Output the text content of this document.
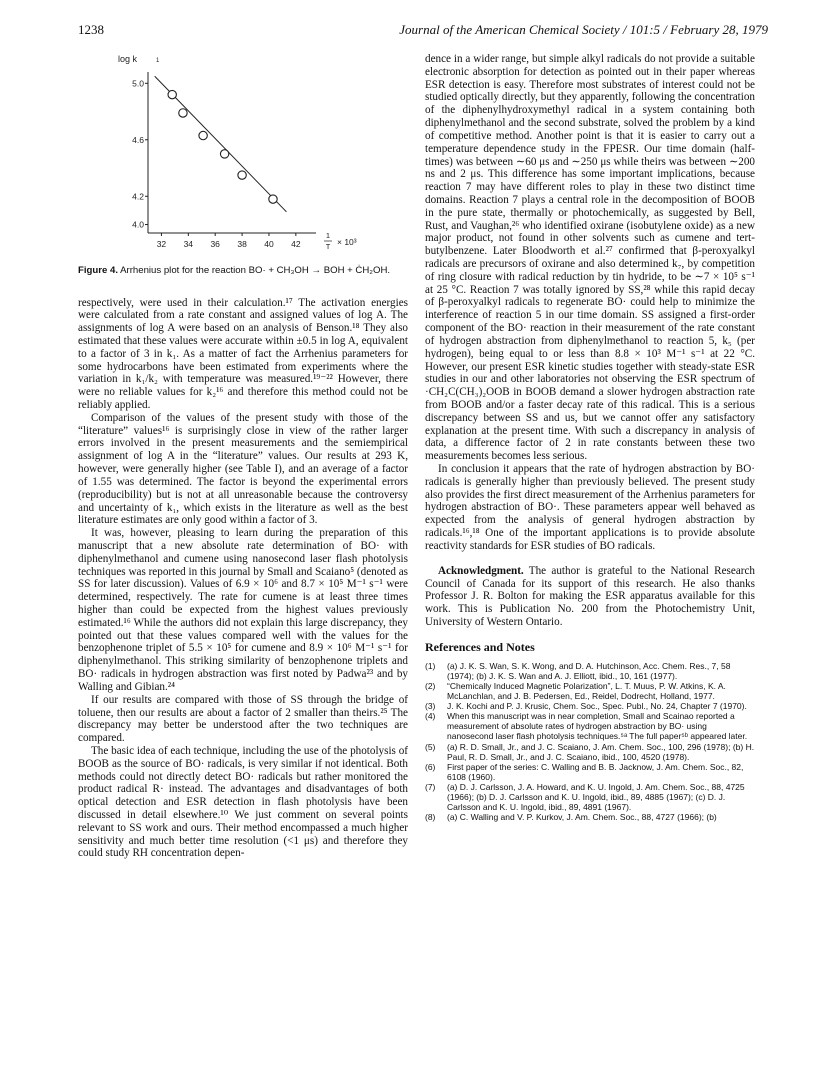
1238	Journal of the American Chemical Society / 101:5 / February 28, 1979
log k	1
5.0
4.6
4.2
4.0
32 34 36 38 40 42
1
T × 10³

Figure 4. Arrhenius plot for the reaction BO· + CH₃OH → BOH + ĊH₂OH.

respectively, were used in their calculation.¹⁷ The activation energies were calculated from a rate constant and assigned values of log A. The assignments of log A were based on an analysis of Benson.¹⁸ They also estimated that these values were accurate within ±0.5 in log A, equivalent to a factor of 3 in k₁. As a matter of fact the Arrhenius parameters for some hydrocarbons have been estimated from experiments where the variation in k₁/k₂ with temperature was measured.¹⁹⁻²² However, there were no reliable values for k₂¹⁶ and therefore this method could not be reliably applied.

Comparison of the values of the present study with those of the “literature” values¹⁶ is surprisingly close in view of the rather larger errors involved in the present measurements and the semiempirical assignment of log A in the “literature” values. Our results at 293 K, however, were generally higher (see Table I), and an average of a factor of 1.55 was determined. The factor is beyond the experimental errors (reproducibility) but is not at all unreasonable because the controversy and uncertainty of k₁, which exists in the literature as well as the best literature estimates are only good within a factor of 3.

It was, however, pleasing to learn during the preparation of this manuscript that a new absolute rate determination of BO· with diphenylmethanol and cumene using nanosecond laser flash photolysis techniques was reported in this journal by Small and Scaiano⁵ (denoted as SS for later discussion). Values of 6.9 × 10⁶ and 8.7 × 10⁵ M⁻¹ s⁻¹ were determined, respectively. The rate for cumene is at least three times higher than could be expected from the highest values previously estimated.¹⁶ While the authors did not explain this large discrepancy, they pointed out that these values compared well with the values for the benzophenone triplet of 5.5 × 10⁵ for cumene and 8.9 × 10⁶ M⁻¹ s⁻¹ for diphenylmethanol. This striking similarity of benzophenone triplets and BO· radicals in hydrogen abstraction was first noted by Padwa²³ and by Walling and Gibian.²⁴

If our results are compared with those of SS through the bridge of toluene, then our results are about a factor of 2 smaller than theirs.²⁵ The discrepancy may better be understood after the two techniques are compared.

The basic idea of each technique, including the use of the photolysis of BOOB as the source of BO· radicals, is very similar if not identical. Both methods could not directly detect BO· radicals but rather monitored the product radical R· instead. The advantages and disadvantages of both optical detection and ESR detection in flash photolysis have been discussed in detail elsewhere.¹⁰ We just comment on several points relevant to SS work and ours. Their method encompassed a much higher sensitivity and much better time resolution (<1 μs) and therefore they could study RH concentration depen-

dence in a wider range, but simple alkyl radicals do not provide a suitable electronic absorption for detection as pointed out in their paper whereas ESR detection is easy. Therefore most substrates of interest could not be studied optically directly, but they apparently, following the concentration of the diphenylhydroxymethyl radical in a system containing both diphenylmethanol and the second substrate, solved the problem by a kind of competitive method. Another point is that it is easier to carry out a temperature dependence study in the FPESR. Our time domain (half-times) was between ∼60 μs and ∼250 μs while theirs was between ∼200 ns and 2 μs. This difference has some important implications, because reaction 7 may have different roles to play in these two distinct time domains. Reaction 7 plays a central role in the decomposition of BOOB in the pure state, thermally or photochemically, as suggested by Bell, Rust, and Vaughan,²⁶ who identified oxirane (isobutylene oxide) as a new major product, not found in other solvents such as cumene and tert-butylbenzene. Later Bloodworth et al.²⁷ confirmed that β-peroxyalkyl radicals are precursors of oxirane and also determined k₇, by competition of ring closure with radical reduction by tin hydride, to be ∼7 × 10⁵ s⁻¹ at 25 °C. Reaction 7 was totally ignored by SS,²⁸ while this rapid decay of β-peroxyalkyl radicals to regenerate BO· could help to minimize the interference of reaction 5 in our time domain. SS assigned a first-order component of the BO· reaction in their measurement of the rate constant of hydrogen abstraction from diphenylmethanol to reaction 5, k₅ (per hydrogen), being equal to or less than 8.8 × 10³ M⁻¹ s⁻¹ at 22 °C. However, our present ESR kinetic studies together with steady-state ESR studies in our and other laboratories not observing the ESR spectrum of ·CH₂C(CH₃)₂OOB in BOOB demand a slower hydrogen abstraction rate from BOOB and/or a faster decay rate of this radical. This is a serious discrepancy between SS and us, but we cannot offer any satisfactory explanation at the present time. With such a discrepancy in analysis of data, a difference factor of 2 in rate constants between these two measurements becomes less serious.

In conclusion it appears that the rate of hydrogen abstraction by BO· radicals is generally higher than previously believed. The present study also provides the first direct measurement of the Arrhenius parameters for hydrogen abstraction of BO·. These parameters appear well behaved as expected from the analysis of general hydrogen abstraction by radicals.¹⁶,¹⁸ One of the important applications is to provide absolute reactivity standards for ESR studies of BO radicals.

Acknowledgment. The author is grateful to the National Research Council of Canada for its support of this research. He also thanks Professor J. R. Bolton for making the ESR apparatus available for this work. This is Publication No. 200 from the Photochemistry Unit, University of Western Ontario.

References and Notes

(1) (a) J. K. S. Wan, S. K. Wong, and D. A. Hutchinson, Acc. Chem. Res., 7, 58 (1974); (b) J. K. S. Wan and A. J. Elliott, ibid., 10, 161 (1977).

(2) “Chemically Induced Magnetic Polarization”, L. T. Muus, P. W. Atkins, K. A. McLanchlan, and J. B. Pedersen, Ed., Reidel, Dodrecht, Holland, 1977.

(3) J. K. Kochi and P. J. Krusic, Chem. Soc., Spec. Publ., No. 24, Chapter 7 (1970).

(4) When this manuscript was in near completion, Small and Scainao reported a measurement of absolute rates of hydrogen abstraction by BO· using nanosecond laser flash photolysis techniques.⁵ᵃ The full paper⁵ᵇ appeared later.

(5) (a) R. D. Small, Jr., and J. C. Scaiano, J. Am. Chem. Soc., 100, 296 (1978); (b) H. Paul, R. D. Small, Jr., and J. C. Scaiano, ibid., 100, 4520 (1978).

(6) First paper of the series: C. Walling and B. B. Jacknow, J. Am. Chem. Soc., 82, 6108 (1960).

(7) (a) D. J. Carlsson, J. A. Howard, and K. U. Ingold, J. Am. Chem. Soc., 88, 4725 (1966); (b) D. J. Carlsson and K. U. Ingold, ibid., 89, 4885 (1967); (c) D. J. Carlsson and K. U. Ingold, ibid., 89, 4891 (1967).

(8) (a) C. Walling and V. P. Kurkov, J. Am. Chem. Soc., 88, 4727 (1966); (b)
